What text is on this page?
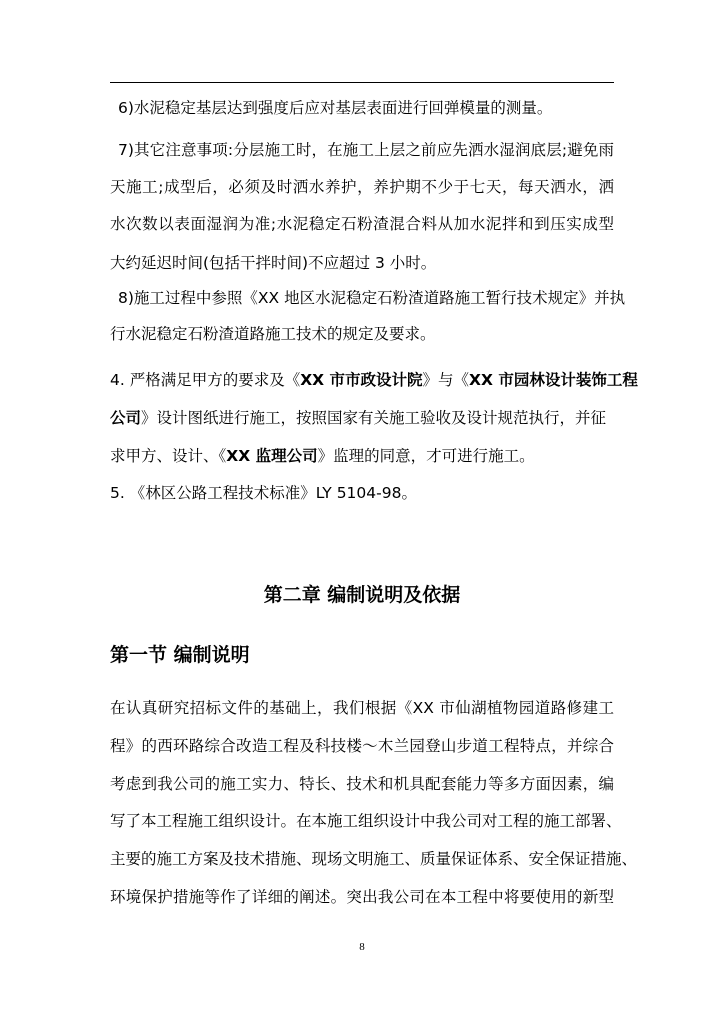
6)水泥稳定基层达到强度后应对基层表面进行回弹模量的测量。
7)其它注意事项:分层施工时，在施工上层之前应先洒水湿润底层;避免雨
天施工;成型后，必须及时洒水养护，养护期不少于七天，每天洒水，洒
水次数以表面湿润为准;水泥稳定石粉渣混合料从加水泥拌和到压实成型
大约延迟时间(包括干拌时间)不应超过 3 小时。
8)施工过程中参照《XX 地区水泥稳定石粉渣道路施工暂行技术规定》并执
行水泥稳定石粉渣道路施工技术的规定及要求。
4. 严格满足甲方的要求及《XX 市市政设计院》与《XX 市园林设计装饰工程
公司》设计图纸进行施工，按照国家有关施工验收及设计规范执行，并征
求甲方、设计、《XX 监理公司》监理的同意，才可进行施工。
5. 《林区公路工程技术标准》LY 5104-98。
第二章 编制说明及依据
第一节 编制说明
在认真研究招标文件的基础上，我们根据《XX 市仙湖植物园道路修建工
程》的西环路综合改造工程及科技楼～木兰园登山步道工程特点，并综合
考虑到我公司的施工实力、特长、技术和机具配套能力等多方面因素，编
写了本工程施工组织设计。在本施工组织设计中我公司对工程的施工部署、
主要的施工方案及技术措施、现场文明施工、质量保证体系、安全保证措施、
环境保护措施等作了详细的阐述。突出我公司在本工程中将要使用的新型
8
